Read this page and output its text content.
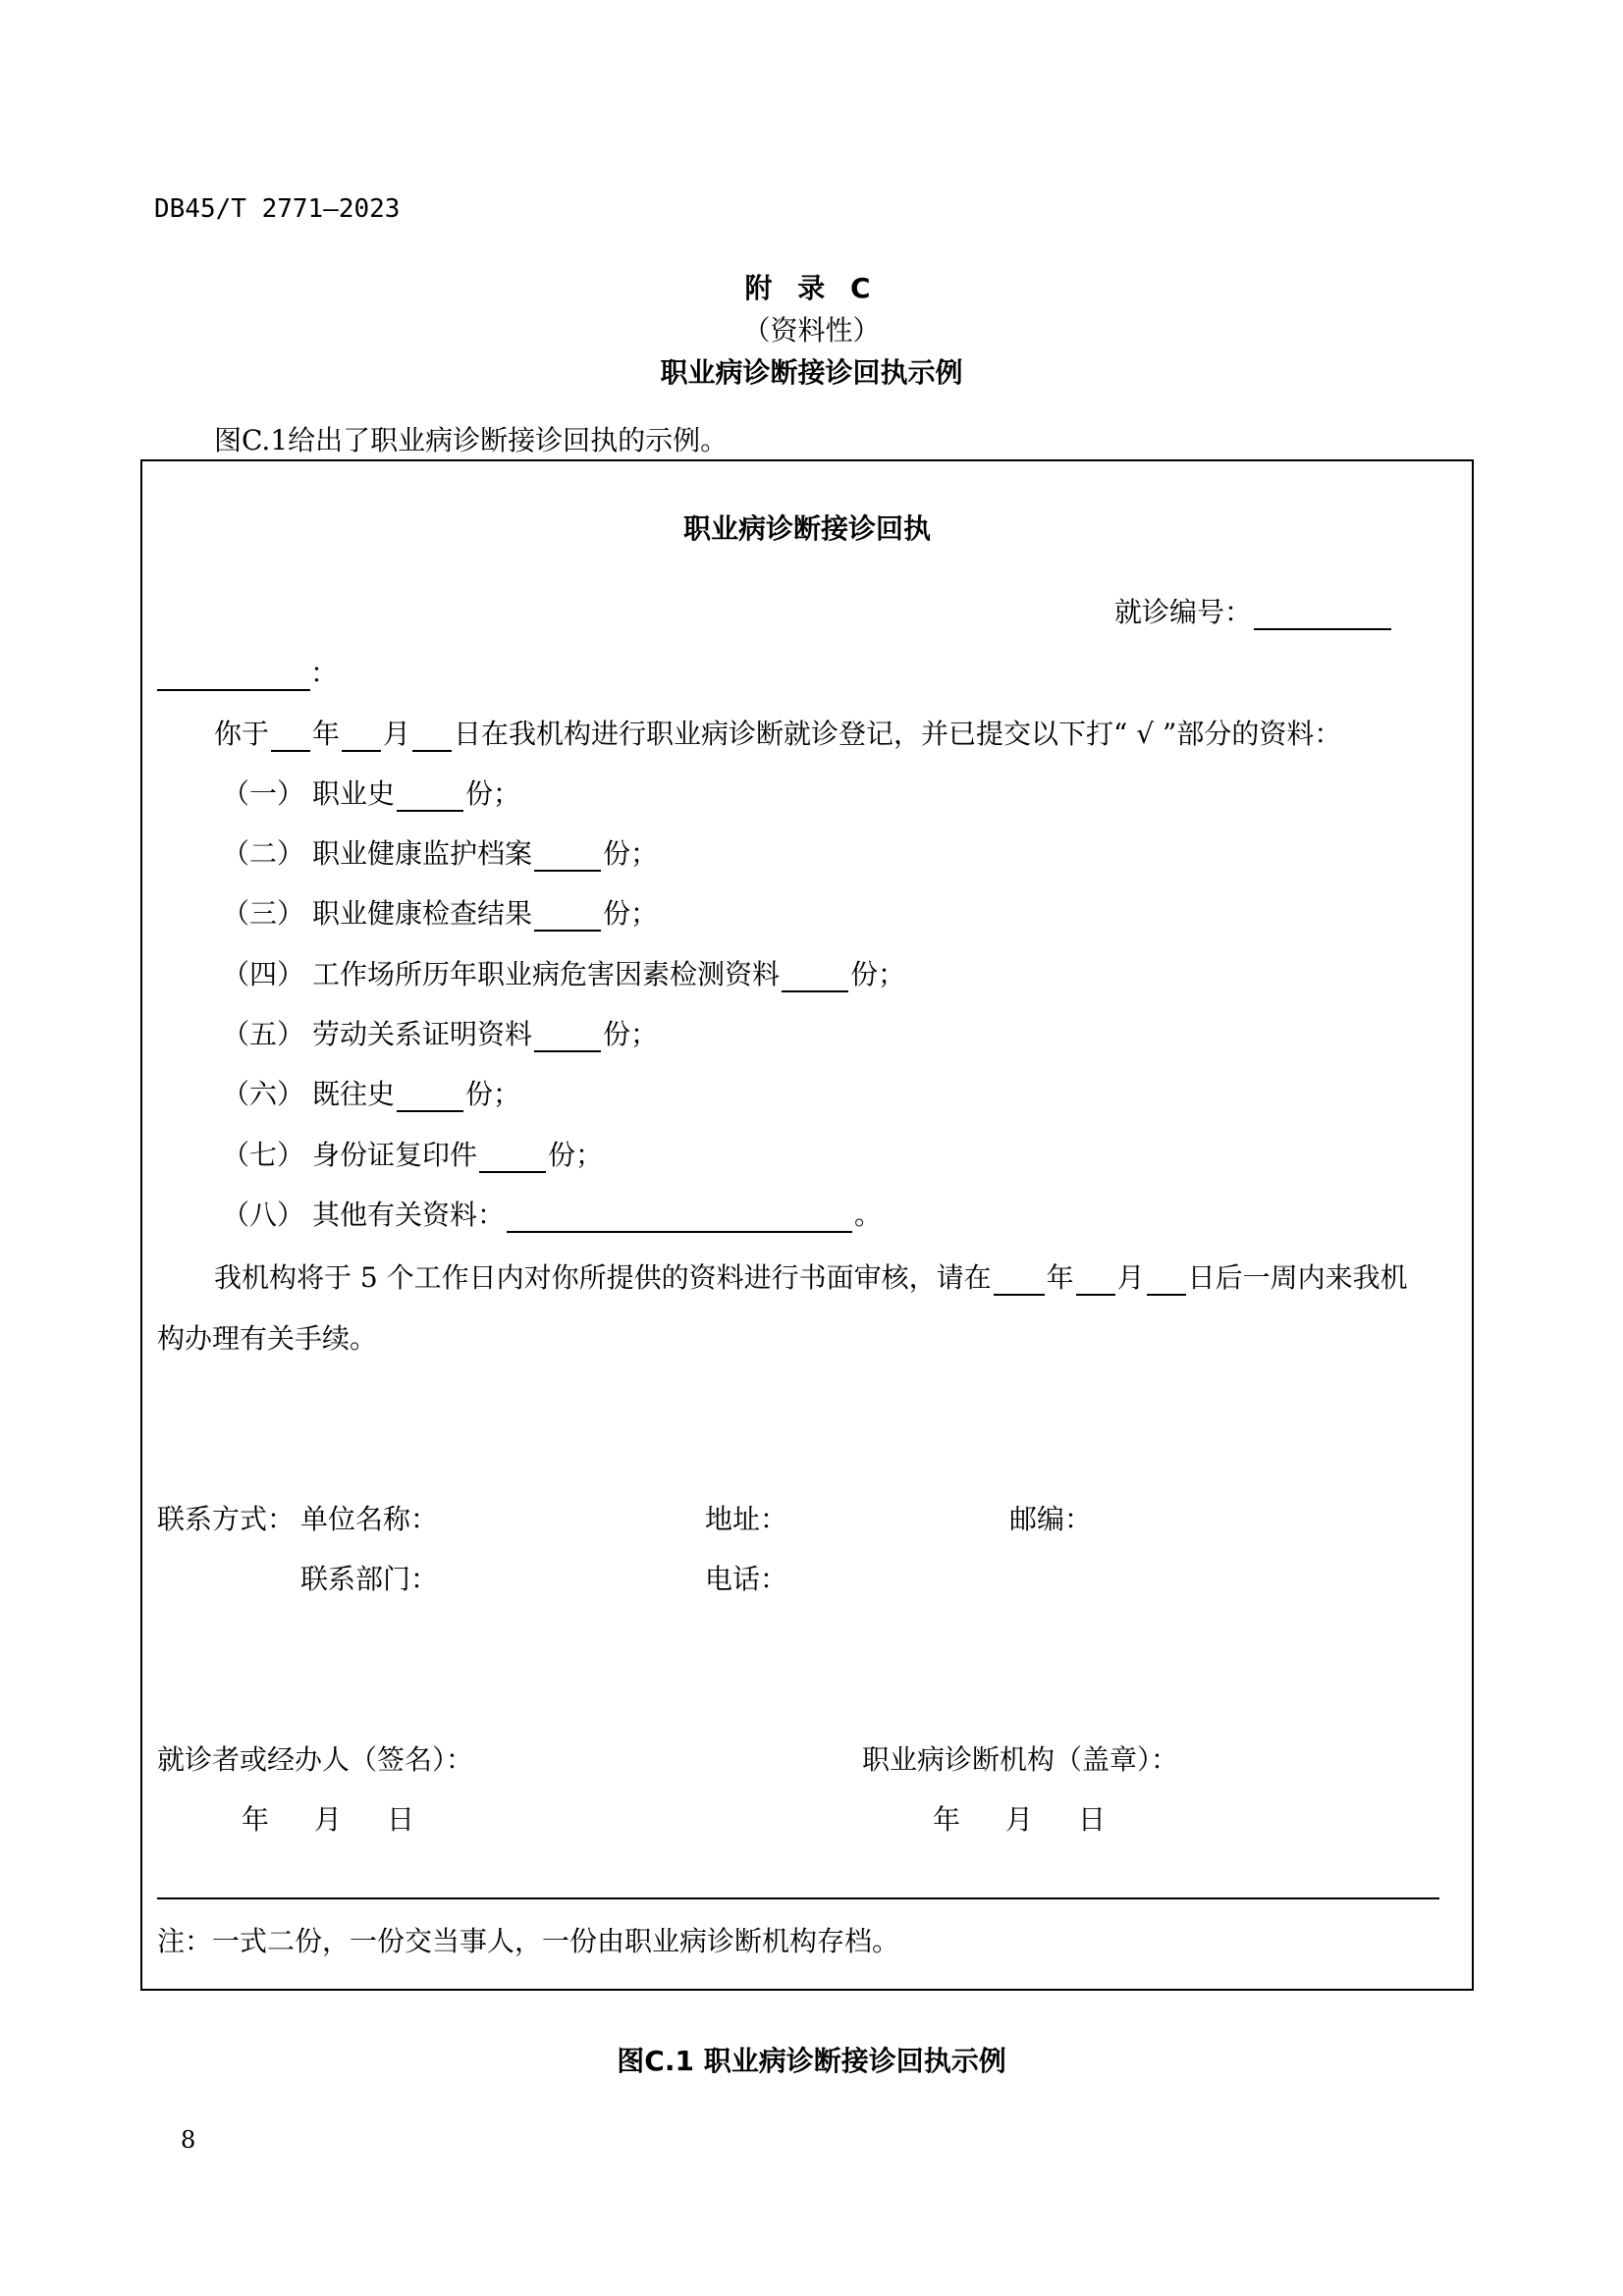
DB45/T 2771—2023
附 录 C
（资料性）
职业病诊断接诊回执示例
图C.1给出了职业病诊断接诊回执的示例。
职业病诊断接诊回执
就诊编号：
：
你于 年 月 日在我机构进行职业病诊断就诊登记，并已提交以下打“ √ ”部分的资料：
（一） 职业史	份；
（二） 职业健康监护档案	份；
（三） 职业健康检查结果	份；
（四） 工作场所历年职业病危害因素检测资料	份；
（五） 劳动关系证明资料	份；
（六） 既往史	份；
（七） 身份证复印件	份；
（八） 其他有关资料：	。
我机构将于 5 个工作日内对你所提供的资料进行书面审核，请在 年 月 日后一周内来我机
构办理有关手续。
联系方式： 单位名称：	地址：	邮编：
联系部门：	电话：
就诊者或经办人（签名）：	职业病诊断机构（盖章）：
年 月 日	年 月 日
注：一式二份，一份交当事人，一份由职业病诊断机构存档。
图C.1 职业病诊断接诊回执示例
8
